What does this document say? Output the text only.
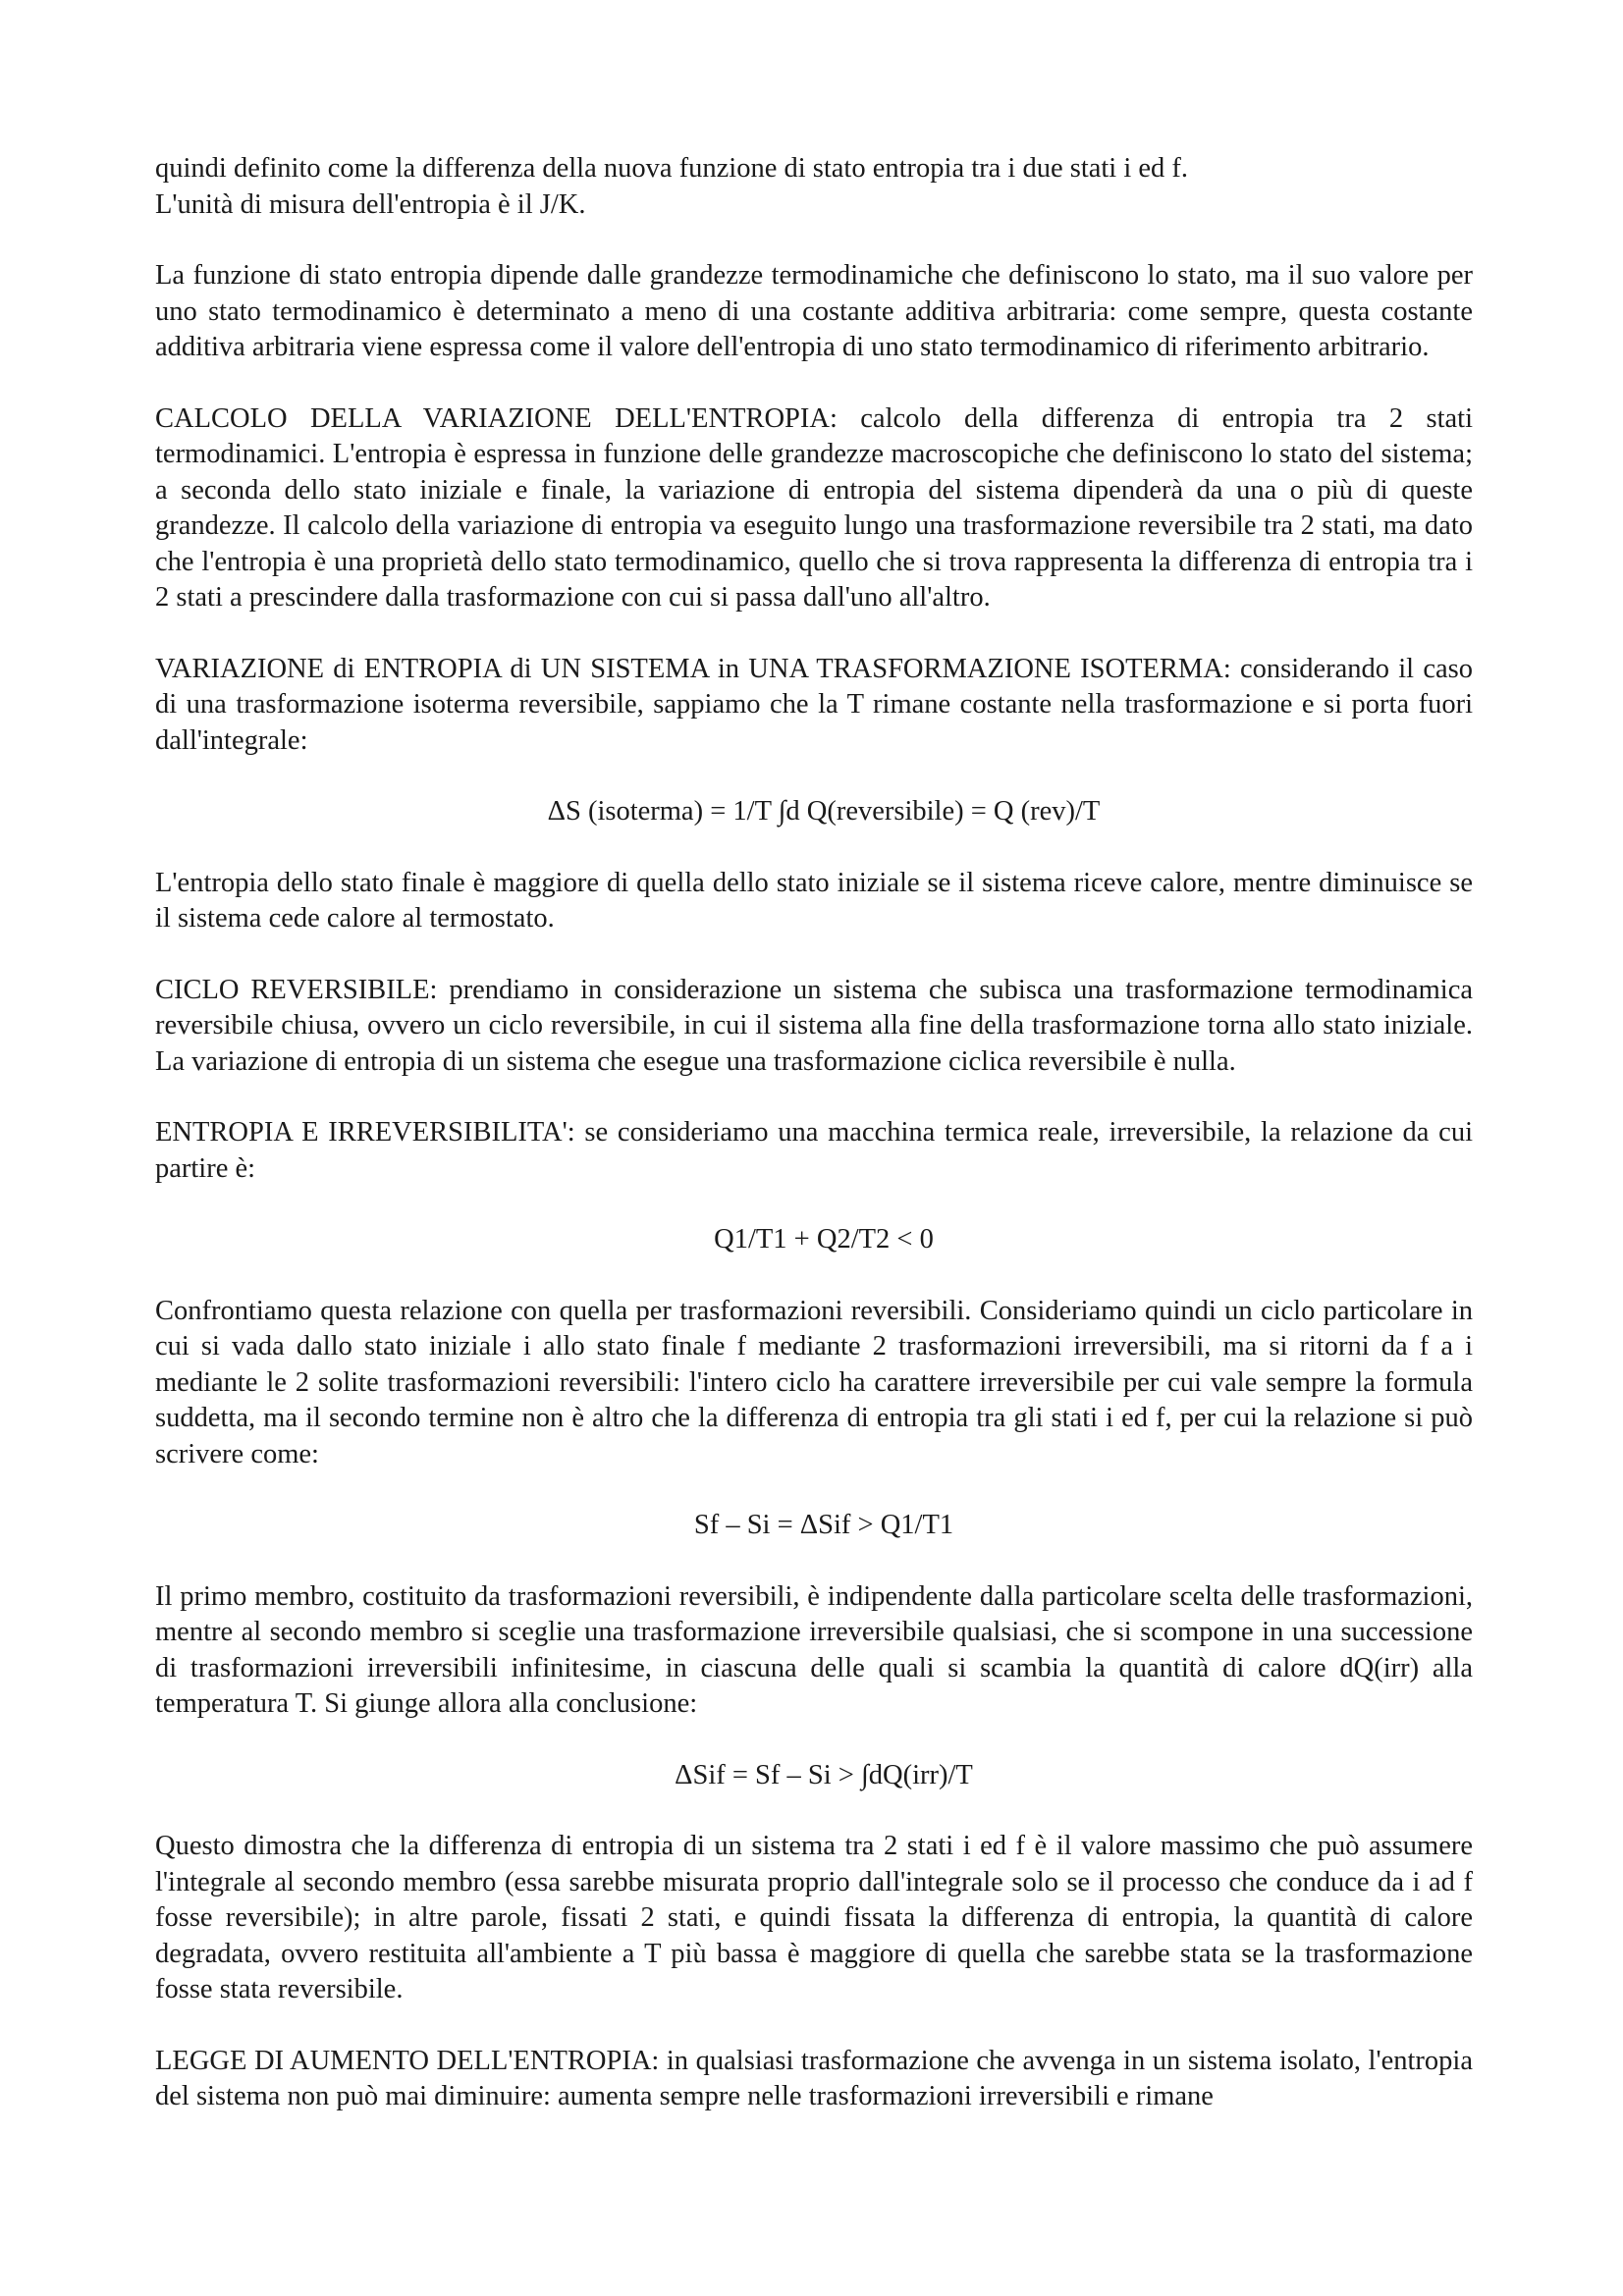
quindi definito come la differenza della nuova funzione di stato entropia tra i due stati i ed f.
L'unità di misura dell'entropia è il J/K.

La funzione di stato entropia dipende dalle grandezze termodinamiche che definiscono lo stato, ma il suo valore per uno stato termodinamico è determinato a meno di una costante additiva arbitraria: come sempre, questa costante additiva arbitraria viene espressa come il valore dell'entropia di uno stato termodinamico di riferimento arbitrario.

CALCOLO DELLA VARIAZIONE DELL'ENTROPIA: calcolo della differenza di entropia tra 2 stati termodinamici. L'entropia è espressa in funzione delle grandezze macroscopiche che definiscono lo stato del sistema; a seconda dello stato iniziale e finale, la variazione di entropia del sistema dipenderà da una o più di queste grandezze. Il calcolo della variazione di entropia va eseguito lungo una trasformazione reversibile tra 2 stati, ma dato che l'entropia è una proprietà dello stato termodinamico, quello che si trova rappresenta la differenza di entropia tra i 2 stati a prescindere dalla trasformazione con cui si passa dall'uno all'altro.

VARIAZIONE di ENTROPIA di UN SISTEMA in UNA TRASFORMAZIONE ISOTERMA: considerando il caso di una trasformazione isoterma reversibile, sappiamo che la T rimane costante nella trasformazione e si porta fuori dall'integrale:

ΔS (isoterma) = 1/T ∫d Q(reversibile) = Q (rev)/T

L'entropia dello stato finale è maggiore di quella dello stato iniziale se il sistema riceve calore, mentre diminuisce se il sistema cede calore al termostato.

CICLO REVERSIBILE: prendiamo in considerazione un sistema che subisca una trasformazione termodinamica reversibile chiusa, ovvero un ciclo reversibile, in cui il sistema alla fine della trasformazione torna allo stato iniziale. La variazione di entropia di un sistema che esegue una trasformazione ciclica reversibile è nulla.

ENTROPIA E IRREVERSIBILITA': se consideriamo una macchina termica reale, irreversibile, la relazione da cui partire è:

Q1/T1 + Q2/T2 < 0

Confrontiamo questa relazione con quella per trasformazioni reversibili. Consideriamo quindi un ciclo particolare in cui si vada dallo stato iniziale i allo stato finale f mediante 2 trasformazioni irreversibili, ma si ritorni da f a i mediante le 2 solite trasformazioni reversibili: l'intero ciclo ha carattere irreversibile per cui vale sempre la formula suddetta, ma il secondo termine non è altro che la differenza di entropia tra gli stati i ed f, per cui la relazione si può scrivere come:

Sf – Si = ΔSif > Q1/T1

Il primo membro, costituito da trasformazioni reversibili, è indipendente dalla particolare scelta delle trasformazioni, mentre al secondo membro si sceglie una trasformazione irreversibile qualsiasi, che si scompone in una successione di trasformazioni irreversibili infinitesime, in ciascuna delle quali si scambia la quantità di calore dQ(irr) alla temperatura T. Si giunge allora alla conclusione:

ΔSif = Sf – Si > ∫dQ(irr)/T

Questo dimostra che la differenza di entropia di un sistema tra 2 stati i ed f è il valore massimo che può assumere l'integrale al secondo membro (essa sarebbe misurata proprio dall'integrale solo se il processo che conduce da i ad f fosse reversibile); in altre parole, fissati 2 stati, e quindi fissata la differenza di entropia, la quantità di calore degradata, ovvero restituita all'ambiente a T più bassa è maggiore di quella che sarebbe stata se la trasformazione fosse stata reversibile.

LEGGE DI AUMENTO DELL'ENTROPIA: in qualsiasi trasformazione che avvenga in un sistema isolato, l'entropia del sistema non può mai diminuire: aumenta sempre nelle trasformazioni irreversibili e rimane
